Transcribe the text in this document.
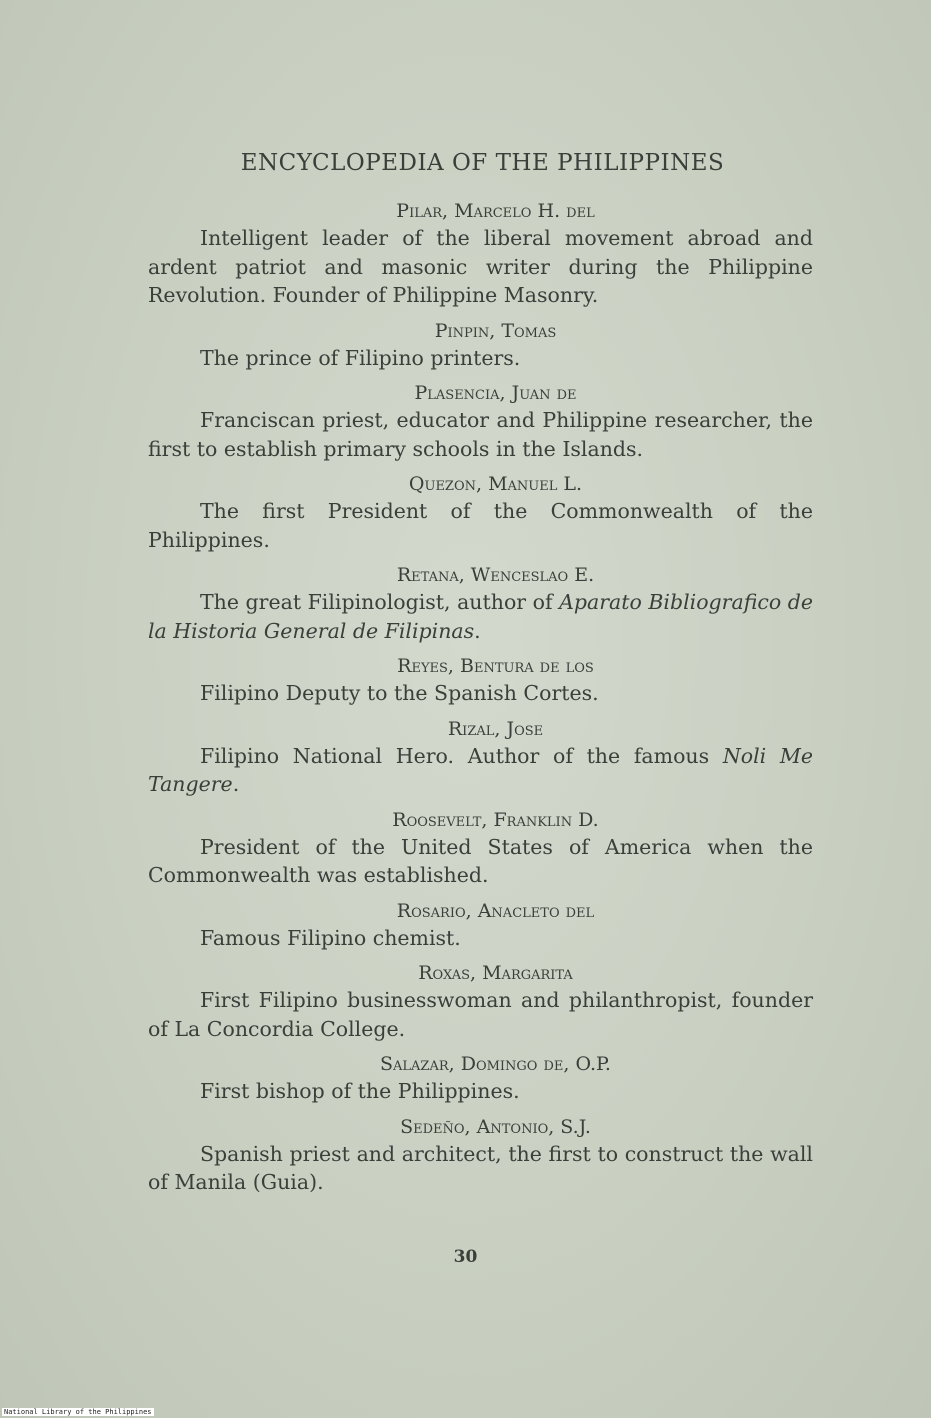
ENCYCLOPEDIA OF THE PHILIPPINES
Pilar, Marcelo H. del
Intelligent leader of the liberal movement abroad and ardent patriot and masonic writer during the Philippine Revolution. Founder of Philippine Masonry.
Pinpin, Tomas
The prince of Filipino printers.
Plasencia, Juan de
Franciscan priest, educator and Philippine researcher, the first to establish primary schools in the Islands.
Quezon, Manuel L.
The first President of the Commonwealth of the Philippines.
Retana, Wenceslao E.
The great Filipinologist, author of Aparato Bibliografico de la Historia General de Filipinas.
Reyes, Bentura de los
Filipino Deputy to the Spanish Cortes.
Rizal, Jose
Filipino National Hero. Author of the famous Noli Me Tangere.
Roosevelt, Franklin D.
President of the United States of America when the Commonwealth was established.
Rosario, Anacleto del
Famous Filipino chemist.
Roxas, Margarita
First Filipino businesswoman and philanthropist, founder of La Concordia College.
Salazar, Domingo de, O.P.
First bishop of the Philippines.
Sedeño, Antonio, S.J.
Spanish priest and architect, the first to construct the wall of Manila (Guia).
30
National Library of the Philippines
